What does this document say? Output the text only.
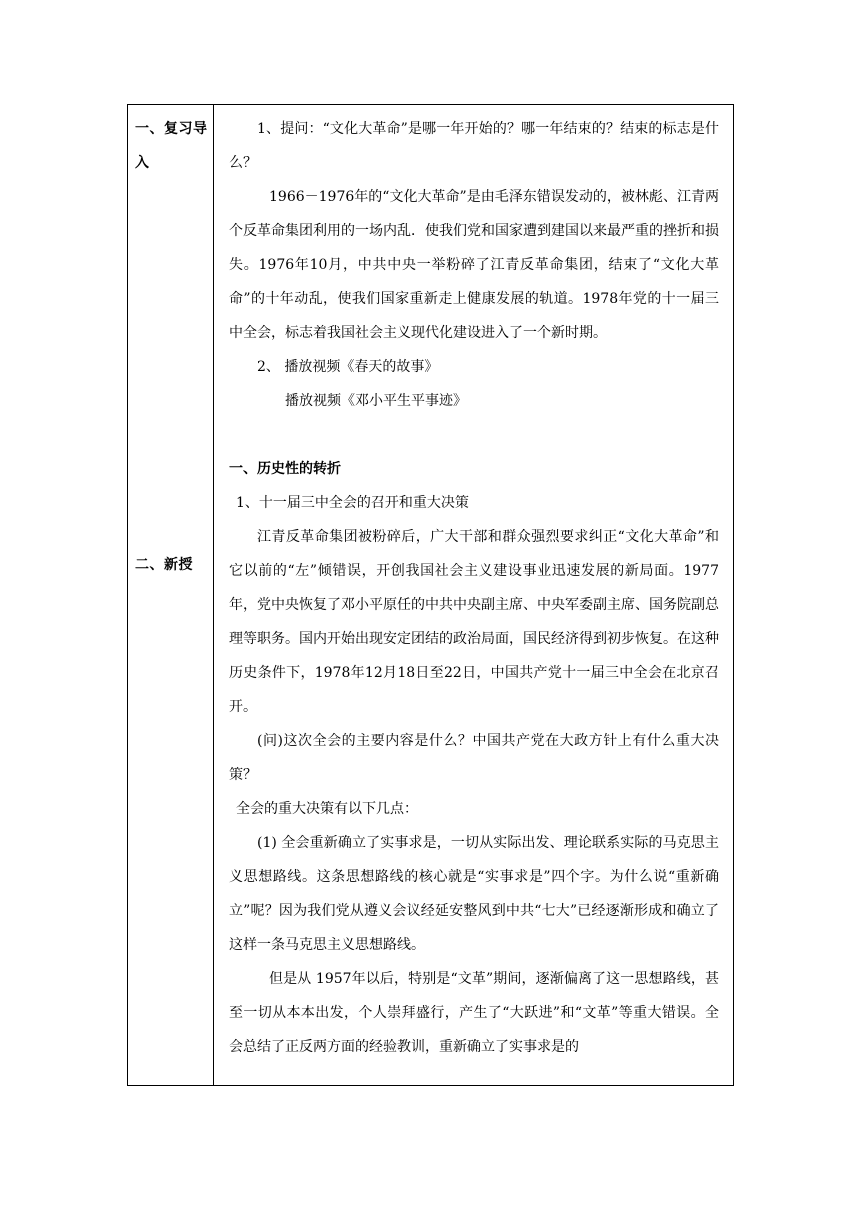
一、复习导入
二、新授

1、提问：“文化大革命”是哪一年开始的？哪一年结束的？结束的标志是什么？

1966－1976年的“文化大革命”是由毛泽东错误发动的，被林彪、江青两个反革命集团利用的一场内乱．使我们党和国家遭到建国以来最严重的挫折和损失。1976年10月，中共中央一举粉碎了江青反革命集团，结束了“文化大革命”的十年动乱，使我们国家重新走上健康发展的轨道。1978年党的十一届三中全会，标志着我国社会主义现代化建设进入了一个新时期。

2、 播放视频《春天的故事》

播放视频《邓小平生平事迹》

一、历史性的转折

1、十一届三中全会的召开和重大决策

江青反革命集团被粉碎后，广大干部和群众强烈要求纠正“文化大革命”和它以前的“左”倾错误，开创我国社会主义建设事业迅速发展的新局面。1977年，党中央恢复了邓小平原任的中共中央副主席、中央军委副主席、国务院副总理等职务。国内开始出现安定团结的政治局面，国民经济得到初步恢复。在这种历史条件下，1978年12月18日至22日，中国共产党十一届三中全会在北京召开。

(问)这次全会的主要内容是什么？中国共产党在大政方针上有什么重大决策？

全会的重大决策有以下几点：

(1) 全会重新确立了实事求是，一切从实际出发、理论联系实际的马克思主义思想路线。这条思想路线的核心就是“实事求是”四个字。为什么说“重新确立”呢？因为我们党从遵义会议经延安整风到中共“七大”已经逐渐形成和确立了这样一条马克思主义思想路线。

但是从 1957年以后，特别是“文革”期间，逐渐偏离了这一思想路线，甚至一切从本本出发，个人崇拜盛行，产生了“大跃进”和“文革”等重大错误。全会总结了正反两方面的经验教训，重新确立了实事求是的
